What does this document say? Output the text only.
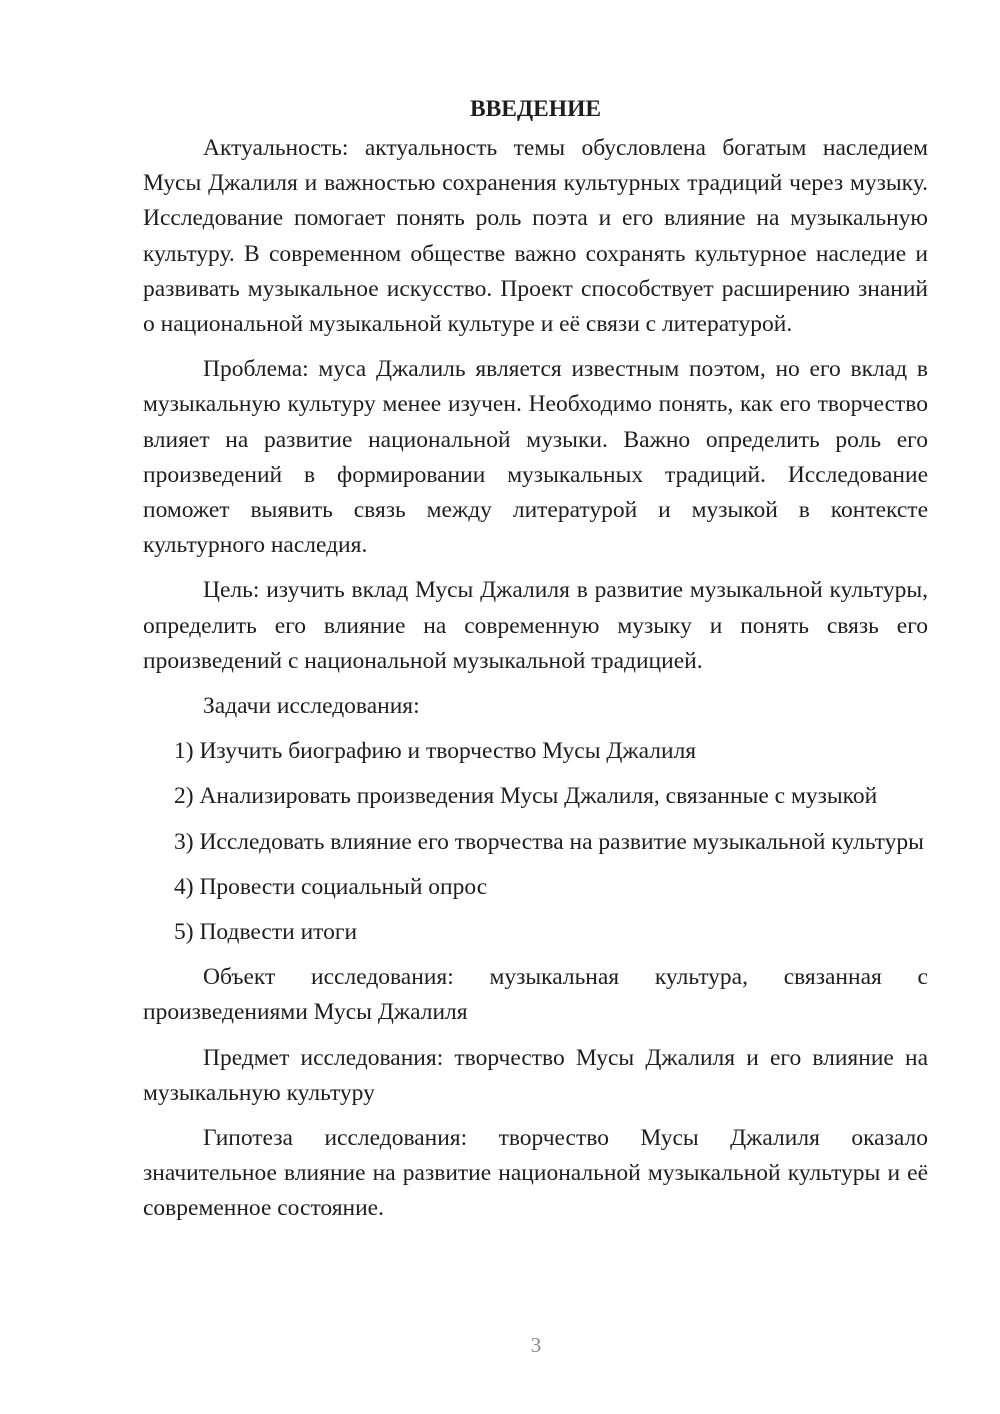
ВВЕДЕНИЕ

Актуальность: актуальность темы обусловлена богатым наследием Мусы Джалиля и важностью сохранения культурных традиций через музыку. Исследование помогает понять роль поэта и его влияние на музыкальную культуру. В современном обществе важно сохранять культурное наследие и развивать музыкальное искусство. Проект способствует расширению знаний о национальной музыкальной культуре и её связи с литературой.

Проблема: муса Джалиль является известным поэтом, но его вклад в музыкальную культуру менее изучен. Необходимо понять, как его творчество влияет на развитие национальной музыки. Важно определить роль его произведений в формировании музыкальных традиций. Исследование поможет выявить связь между литературой и музыкой в контексте культурного наследия.

Цель: изучить вклад Мусы Джалиля в развитие музыкальной культуры, определить его влияние на современную музыку и понять связь его произведений с национальной музыкальной традицией.

Задачи исследования:

1) Изучить биографию и творчество Мусы Джалиля

2) Анализировать произведения Мусы Джалиля, связанные с музыкой

3) Исследовать влияние его творчества на развитие музыкальной культуры

4) Провести социальный опрос

5) Подвести итоги

Объект исследования: музыкальная культура, связанная с произведениями Мусы Джалиля

Предмет исследования: творчество Мусы Джалиля и его влияние на музыкальную культуру

Гипотеза исследования: творчество Мусы Джалиля оказало значительное влияние на развитие национальной музыкальной культуры и её современное состояние.

3
